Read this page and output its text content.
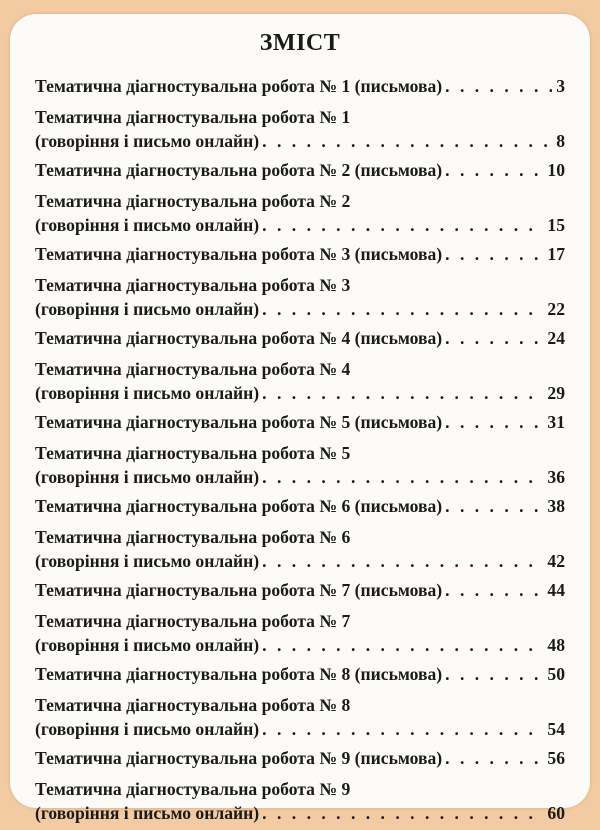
ЗМІСТ
Тематична діагностувальна робота № 1 (письмова) . . .	3
Тематична діагностувальна робота № 1
(говоріння і письмо онлайн) . . .	8
Тематична діагностувальна робота № 2 (письмова) . . .	10
Тематична діагностувальна робота № 2
(говоріння і письмо онлайн) . . .	15
Тематична діагностувальна робота № 3 (письмова) . . .	17
Тематична діагностувальна робота № 3
(говоріння і письмо онлайн) . . .	22
Тематична діагностувальна робота № 4 (письмова) . . .	24
Тематична діагностувальна робота № 4
(говоріння і письмо онлайн) . . .	29
Тематична діагностувальна робота № 5 (письмова) . . .	31
Тематична діагностувальна робота № 5
(говоріння і письмо онлайн) . . .	36
Тематична діагностувальна робота № 6 (письмова) . . .	38
Тематична діагностувальна робота № 6
(говоріння і письмо онлайн) . . .	42
Тематична діагностувальна робота № 7 (письмова) . . .	44
Тематична діагностувальна робота № 7
(говоріння і письмо онлайн) . . .	48
Тематична діагностувальна робота № 8 (письмова) . . .	50
Тематична діагностувальна робота № 8
(говоріння і письмо онлайн) . . .	54
Тематична діагностувальна робота № 9 (письмова) . . .	56
Тематична діагностувальна робота № 9
(говоріння і письмо онлайн) . . .	60
